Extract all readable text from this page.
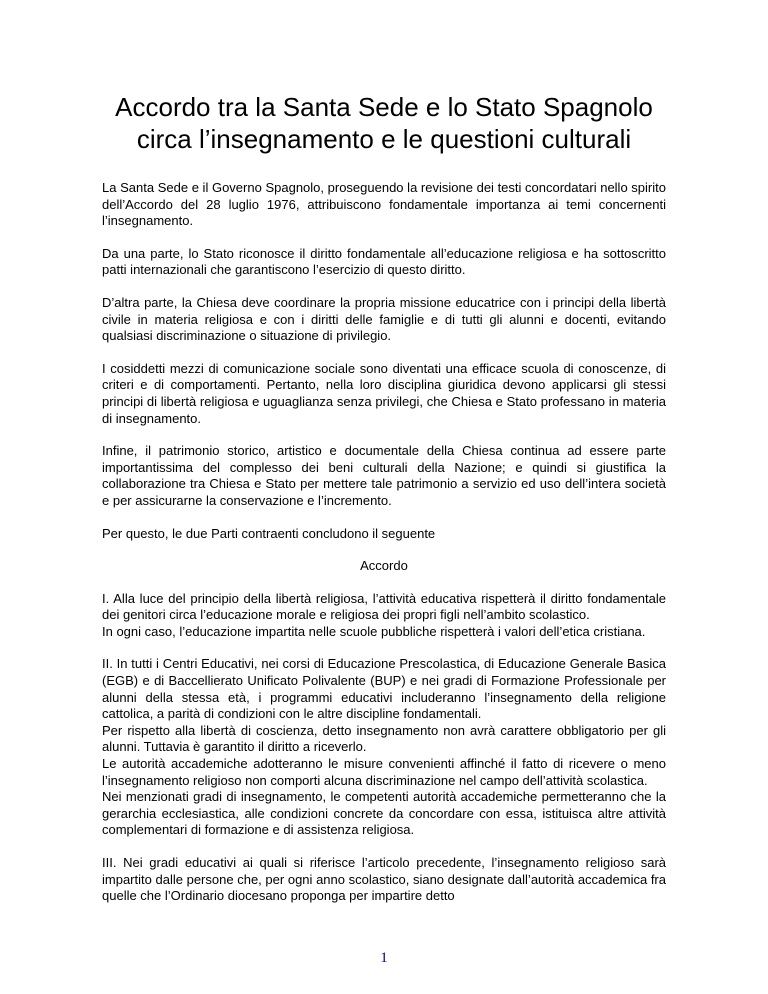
Accordo tra la Santa Sede e lo Stato Spagnolo
circa l’insegnamento e le questioni culturali

La Santa Sede e il Governo Spagnolo, proseguendo la revisione dei testi concordatari nello spirito dell’Accordo del 28 luglio 1976, attribuiscono fondamentale importanza ai temi concernenti l’insegnamento.

Da una parte, lo Stato riconosce il diritto fondamentale all’educazione religiosa e ha sottoscritto patti internazionali che garantiscono l’esercizio di questo diritto.

D’altra parte, la Chiesa deve coordinare la propria missione educatrice con i principi della libertà civile in materia religiosa e con i diritti delle famiglie e di tutti gli alunni e docenti, evitando qualsiasi discriminazione o situazione di privilegio.

I cosiddetti mezzi di comunicazione sociale sono diventati una efficace scuola di conoscenze, di criteri e di comportamenti. Pertanto, nella loro disciplina giuridica devono applicarsi gli stessi principi di libertà religiosa e uguaglianza senza privilegi, che Chiesa e Stato professano in materia di insegnamento.

Infine, il patrimonio storico, artistico e documentale della Chiesa continua ad essere parte importantissima del complesso dei beni culturali della Nazione; e quindi si giustifica la collaborazione tra Chiesa e Stato per mettere tale patrimonio a servizio ed uso dell’intera società e per assicurarne la conservazione e l’incremento.

Per questo, le due Parti contraenti concludono il seguente

Accordo

I. Alla luce del principio della libertà religiosa, l’attività educativa rispetterà il diritto fondamentale dei genitori circa l’educazione morale e religiosa dei propri figli nell’ambito scolastico.

In ogni caso, l’educazione impartita nelle scuole pubbliche rispetterà i valori dell’etica cristiana.

II. In tutti i Centri Educativi, nei corsi di Educazione Prescolastica, di Educazione Generale Basica (EGB) e di Baccellierato Unificato Polivalente (BUP) e nei gradi di Formazione Professionale per alunni della stessa età, i programmi educativi includeranno l’insegnamento della religione cattolica, a parità di condizioni con le altre discipline fondamentali.

Per rispetto alla libertà di coscienza, detto insegnamento non avrà carattere obbligatorio per gli alunni. Tuttavia è garantito il diritto a riceverlo.

Le autorità accademiche adotteranno le misure convenienti affinché il fatto di ricevere o meno l’insegnamento religioso non comporti alcuna discriminazione nel campo dell’attività scolastica.

Nei menzionati gradi di insegnamento, le competenti autorità accademiche permetteranno che la gerarchia ecclesiastica, alle condizioni concrete da concordare con essa, istituisca altre attività complementari di formazione e di assistenza religiosa.

III. Nei gradi educativi ai quali si riferisce l’articolo precedente, l’insegnamento religioso sarà impartito dalle persone che, per ogni anno scolastico, siano designate dall’autorità accademica fra quelle che l’Ordinario diocesano proponga per impartire detto

1
